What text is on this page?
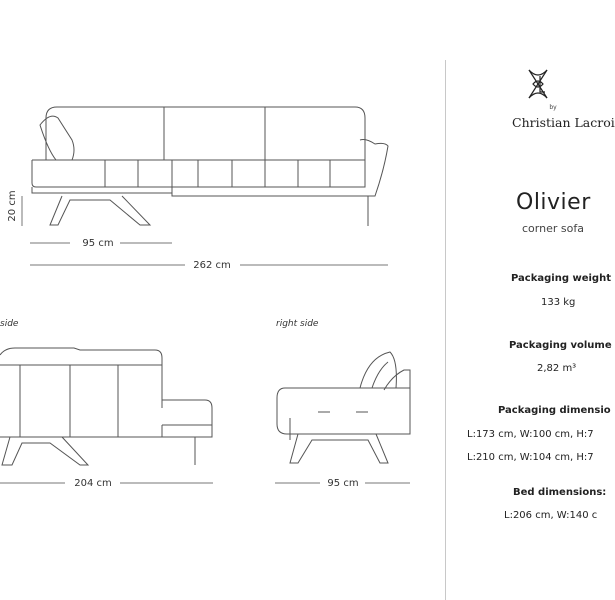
20 cm
95 cm
262 cm
side
204 cm
right side
95 cm
by
Christian Lacroi
Olivier
corner sofa
Packaging weight
133 kg
Packaging volume
2,82 m³
Packaging dimensio
L:173 cm, W:100 cm, H:7
L:210 cm, W:104 cm, H:7
Bed dimensions:
L:206 cm, W:140 c
